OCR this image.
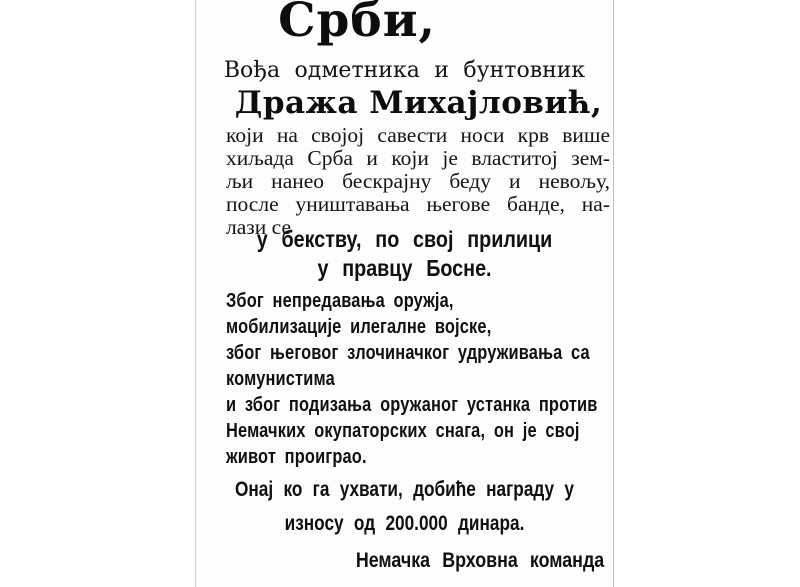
Срби,
Вођа одметника и бунтовник
Дража Михајловић,
који на својој савести носи крв више
хиљада Срба и који је властитој зем-
љи нанео бескрајну беду и невољу,
после уништавања његове банде, на-
лази се
у бекству, по свој прилици
у правцу Босне.
Због непредавања оружја,
мобилизације илегалне војске,
због његовог злочиначког удруживања са
комунистима
и због подизања оружаног устанка против
Немачких окупаторских снага, он је свој
живот проиграо.
Онај ко га ухвати, добиће награду у
износу од 200.000 динара.
Немачка Врховна команда
